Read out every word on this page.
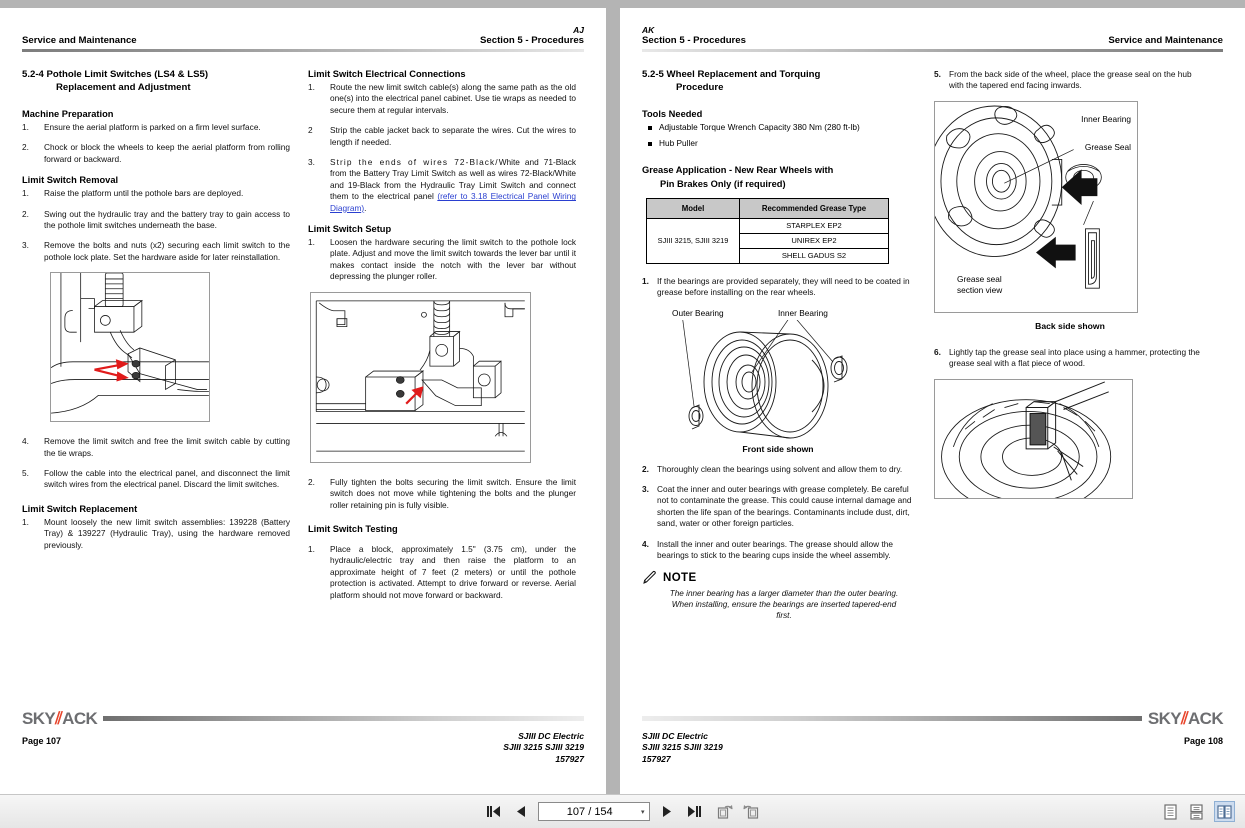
AJ
Service and Maintenance	Section 5 - Procedures
5.2-4 Pothole Limit Switches (LS4 & LS5)
Replacement and Adjustment
Machine Preparation
1.	Ensure the aerial platform is parked on a firm level surface.
2.	Chock or block the wheels to keep the aerial platform from rolling forward or backward.
Limit Switch Removal
1.	Raise the platform until the pothole bars are deployed.
2.	Swing out the hydraulic tray and the battery tray to gain access to the pothole limit switches underneath the base.
3.	Remove the bolts and nuts (x2) securing each limit switch to the pothole lock plate. Set the hardware aside for later reinstallation.
4.	Remove the limit switch and free the limit switch cable by cutting the tie wraps.
5.	Follow the cable into the electrical panel, and disconnect the limit switch wires from the electrical panel. Discard the limit switches.
Limit Switch Replacement
1.	Mount loosely the new limit switch assemblies: 139228 (Battery Tray) & 139227 (Hydraulic Tray), using the hardware removed previously.
Limit Switch Electrical Connections
1.	Route the new limit switch cable(s) along the same path as the old one(s) into the electrical panel cabinet. Use tie wraps as needed to secure them at regular intervals.
2	Strip the cable jacket back to separate the wires. Cut the wires to length if needed.
3.	Strip the ends of wires 72-Black/White and 71-Black from the Battery Tray Limit Switch as well as wires 72-Black/White and 19-Black from the Hydraulic Tray Limit Switch and connect them to the electrical panel (refer to 3.18 Electrical Panel Wiring Diagram).
Limit Switch Setup
1.	Loosen the hardware securing the limit switch to the pothole lock plate. Adjust and move the limit switch towards the lever bar until it makes contact inside the notch with the lever bar without depressing the plunger roller.
2.	Fully tighten the bolts securing the limit switch. Ensure the limit switch does not move while tightening the bolts and the plunger roller retaining pin is fully visible.
Limit Switch Testing
1.	Place a block, approximately 1.5" (3.75 cm), under the hydraulic/electric tray and then raise the platform to an approximate height of 7 feet (2 meters) or until the pothole protection is activated. Attempt to drive forward or reverse. Aerial platform should not move forward or backward.
SKY⫽ACK
Page 107	SJIII DC Electric
SJIII 3215 SJIII 3219
157927
AK
Section 5 - Procedures	Service and Maintenance
5.2-5 Wheel Replacement and Torquing
Procedure
Tools Needed
Adjustable Torque Wrench Capacity 380 Nm (280 ft-lb)
Hub Puller
Grease Application - New Rear Wheels with
Pin Brakes Only (if required)
Model	Recommended Grease Type
SJIII 3215, SJIII 3219	STARPLEX EP2
	UNIREX EP2
	SHELL GADUS S2
1. If the bearings are provided separately, they will need to be coated in grease before installing on the rear wheels.
Outer Bearing	Inner Bearing
Front side shown
2. Thoroughly clean the bearings using solvent and allow them to dry.
3. Coat the inner and outer bearings with grease completely. Be careful not to contaminate the grease. This could cause internal damage and shorten the life span of the bearings. Contaminants include dust, dirt, sand, water or other foreign particles.
4. Install the inner and outer bearings. The grease should allow the bearings to stick to the bearing cups inside the wheel assembly.
NOTE
The inner bearing has a larger diameter than the outer bearing. When installing, ensure the bearings are inserted tapered-end first.
5. From the back side of the wheel, place the grease seal on the hub with the tapered end facing inwards.
Inner Bearing
Grease Seal
Grease seal
section view
Back side shown
6. Lightly tap the grease seal into place using a hammer, protecting the grease seal with a flat piece of wood.
SKY⫽ACK
SJIII DC Electric
SJIII 3215 SJIII 3219
157927
Page 108
107 / 154	▾
